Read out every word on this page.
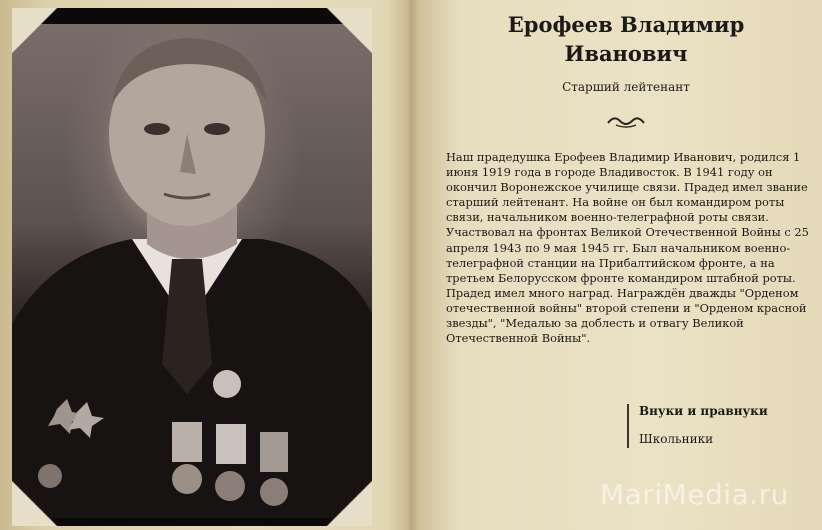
Ерофеев Владимир Иванович
Старший лейтенант
Наш прадедушка Ерофеев Владимир Иванович, родился 1 июня 1919 года в городе Владивосток. В 1941 году он окончил Воронежское училище связи. Прадед имел звание старший лейтенант. На войне он был командиром роты связи, начальником военно-телеграфной роты связи. Участвовал на фронтах Великой Отечественной Войны с 25 апреля 1943 по 9 мая 1945 гг. Был начальником военно-телеграфной станции на Прибалтийском фронте, а на третьем Белорусском фронте командиром штабной роты. Прадед имел много наград. Награждён дважды "Орденом отечественной войны" второй степени и "Орденом красной звезды", "Медалью за доблесть и отвагу Великой Отечественной Войны".
Внуки и правнуки
Школьники
MariMedia.ru
